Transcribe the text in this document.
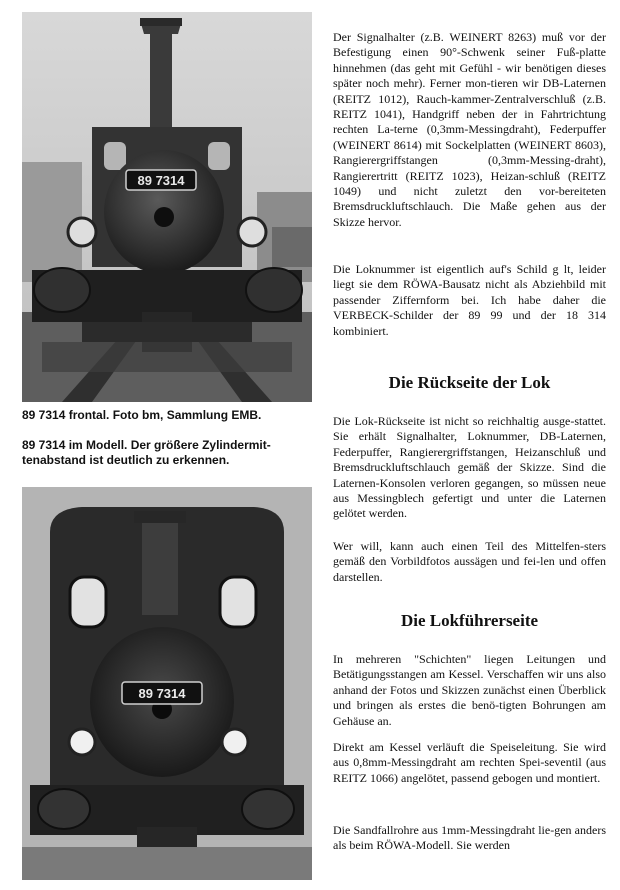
89 7314
89 7314 frontal. Foto bm, Sammlung EMB.
89 7314 im Modell. Der größere Zylindermit-tenabstand ist deutlich zu erkennen.
89 7314
Der Signalhalter (z.B. WEINERT 8263) muß vor der Befestigung einen 90°-Schwenk seiner Fuß-platte hinnehmen (das geht mit Gefühl - wir benötigen dieses später noch mehr). Ferner mon-tieren wir DB-Laternen (REITZ 1012), Rauch-kammer-Zentralverschluß (z.B. REITZ 1041), Handgriff neben der in Fahrtrichtung rechten La-terne (0,3mm-Messingdraht), Federpuffer (WEINERT 8614) mit Sockelplatten (WEINERT 8603), Rangierergriffstangen (0,3mm-Messing-draht), Rangierertritt (REITZ 1023), Heizan-schluß (REITZ 1049) und nicht zuletzt den vor-bereiteten Bremsdruckluftschlauch. Die Maße gehen aus der Skizze hervor.
Die Loknummer ist eigentlich auf's Schild g lt, leider liegt sie dem RÖWA-Bausatz nicht als Abziehbild mit passender Ziffernform bei. Ich habe daher die VERBECK-Schilder der 89 99 und der 18 314 kombiniert.
Die Rückseite der Lok
Die Lok-Rückseite ist nicht so reichhaltig ausge-stattet. Sie erhält Signalhalter, Loknummer, DB-Laternen, Federpuffer, Rangierergriffstangen, Heizanschluß und Bremsdruckluftschlauch gemäß der Skizze. Sind die Laternen-Konsolen verloren gegangen, so müssen neue aus Messingblech gefertigt und unter die Laternen gelötet werden.
Wer will, kann auch einen Teil des Mittelfen-sters gemäß den Vorbildfotos aussägen und fei-len und offen darstellen.
Die Lokführerseite
In mehreren "Schichten" liegen Leitungen und Betätigungsstangen am Kessel. Verschaffen wir uns also anhand der Fotos und Skizzen zunächst einen Überblick und bringen als erstes die benö-tigten Bohrungen am Gehäuse an.
Direkt am Kessel verläuft die Speiseleitung. Sie wird aus 0,8mm-Messingdraht am rechten Spei-seventil (aus REITZ 1066) angelötet, passend gebogen und montiert.
Die Sandfallrohre aus 1mm-Messingdraht lie-gen anders als beim RÖWA-Modell. Sie werden
